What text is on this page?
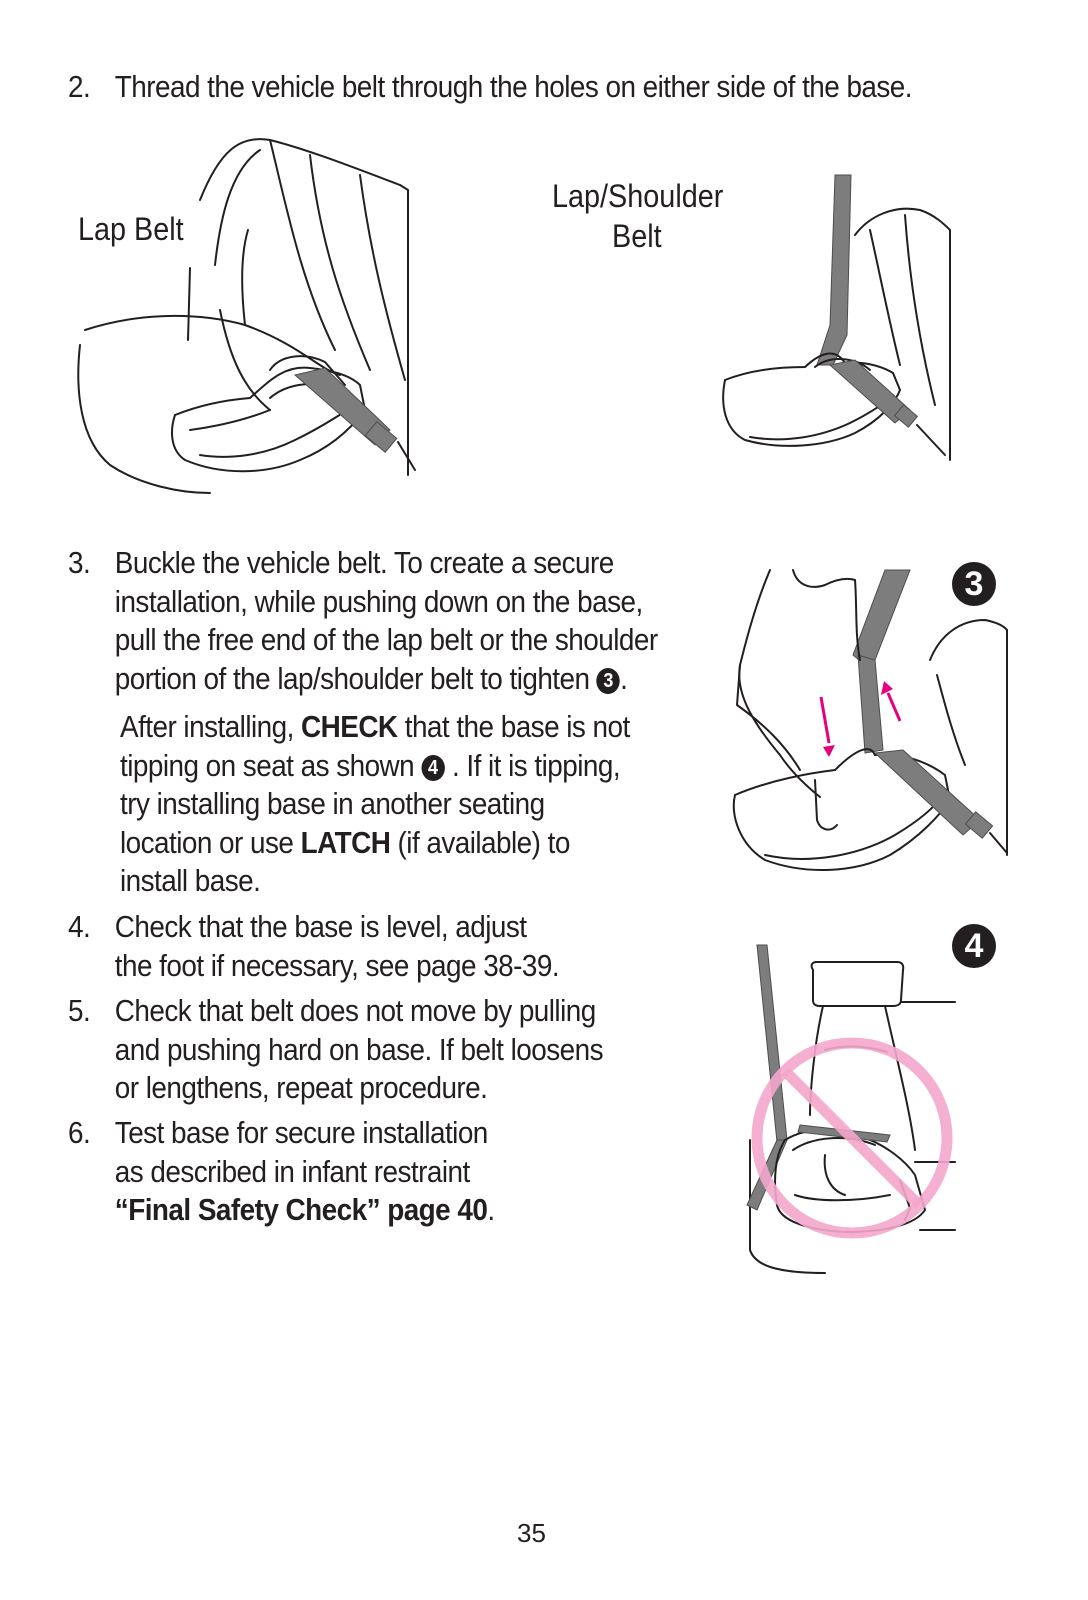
2. Thread the vehicle belt through the holes on either side of the base.
Lap Belt
Lap/Shoulder
Belt
3. Buckle the vehicle belt. To create a secure
installation, while pushing down on the base,
pull the free end of the lap belt or the shoulder
portion of the lap/shoulder belt to tighten 3 .
After installing, CHECK that the base is not
tipping on seat as shown 4 . If it is tipping,
try installing base in another seating
location or use LATCH (if available) to
install base.
3
4. Check that the base is level, adjust
the foot if necessary, see page 38-39.
5. Check that belt does not move by pulling
and pushing hard on base. If belt loosens
or lengthens, repeat procedure.
6. Test base for secure installation
as described in infant restraint
“Final Safety Check” page 40.
4
35
